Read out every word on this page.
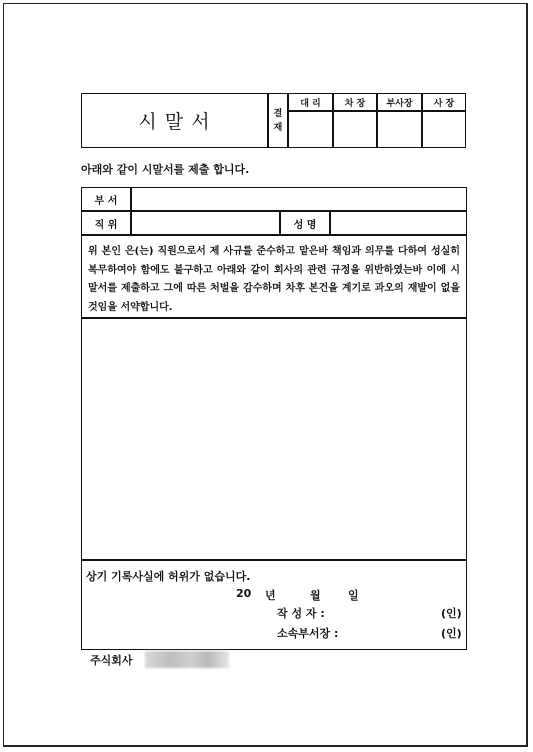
시 말 서	결
재
대 리	차 장	부사장	사 장
아래와 같이 시말서를 제출 합니다.
부 서
직 위	성 명
위 본인 은(는) 직원으로서 제 사규를 준수하고 맡은바 책임과 의무를 다하여 성실히 복무하여야 함에도 불구하고 아래와 같이 회사의 관련 규정을 위반하였는바 이에 시말서를 제출하고 그에 따른 처벌을 감수하며 차후 본건을 계기로 과오의 재발이 없을 것임을 서약합니다.
상기 기록사실에 허위가 없습니다.
20 년	월 일
작 성 자 :	(인)
소속부서장 :	(인)
주식회사
